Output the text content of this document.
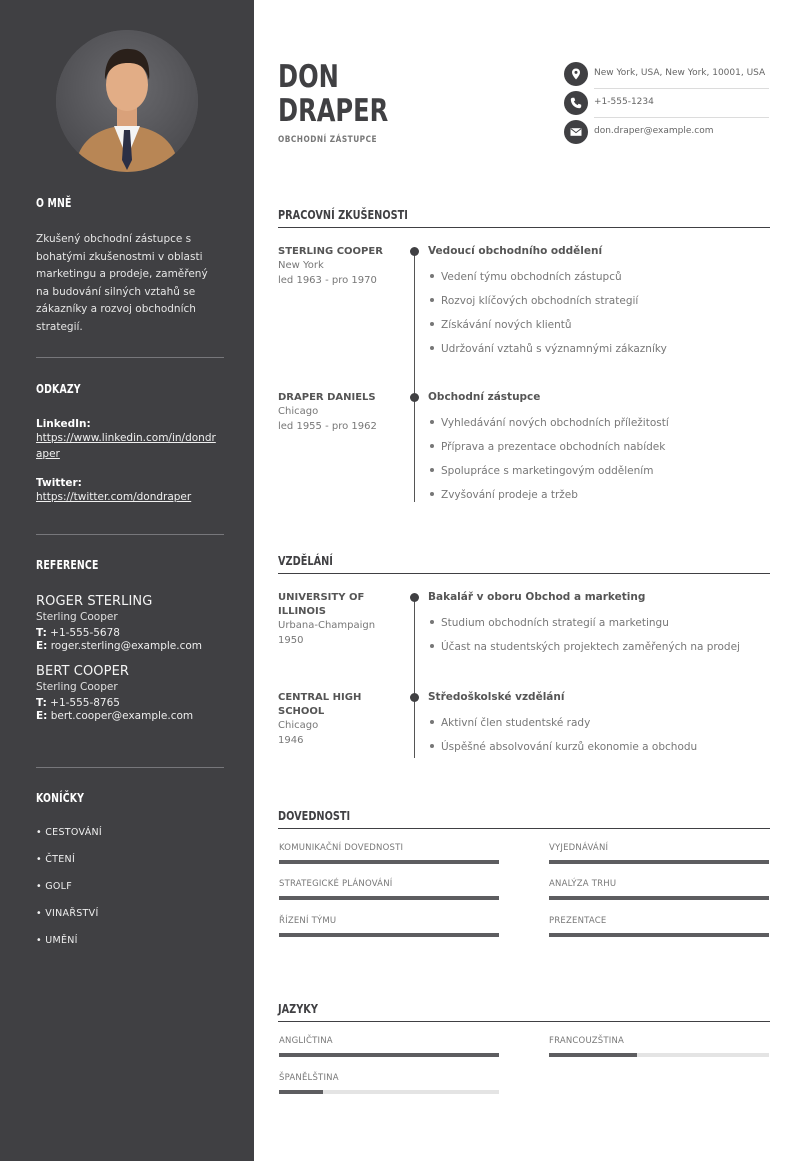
O MNĚ
Zkušený obchodní zástupce s bohatými zkušenostmi v oblasti marketingu a prodeje, zaměřený na budování silných vztahů se zákazníky a rozvoj obchodních strategií.
ODKAZY
LinkedIn:
https://www.linkedin.com/in/dondraper
Twitter:
https://twitter.com/dondraper
REFERENCE
ROGER STERLING
Sterling Cooper
T: +1-555-5678
E: roger.sterling@example.com
BERT COOPER
Sterling Cooper
T: +1-555-8765
E: bert.cooper@example.com
KONÍČKY
• CESTOVÁNÍ
• ČTENÍ
• GOLF
• VINAŘSTVÍ
• UMĚNÍ
DON
DRAPER
OBCHODNÍ ZÁSTUPCE
New York, USA, New York, 10001, USA
+1-555-1234
don.draper@example.com
PRACOVNÍ ZKUŠENOSTI
STERLING COOPER
New York
led 1963 - pro 1970
Vedoucí obchodního oddělení
Vedení týmu obchodních zástupců
Rozvoj klíčových obchodních strategií
Získávání nových klientů
Udržování vztahů s významnými zákazníky
DRAPER DANIELS
Chicago
led 1955 - pro 1962
Obchodní zástupce
Vyhledávání nových obchodních příležitostí
Příprava a prezentace obchodních nabídek
Spolupráce s marketingovým oddělením
Zvyšování prodeje a tržeb
VZDĚLÁNÍ
UNIVERSITY OF
ILLINOIS
Urbana-Champaign
1950
Bakalář v oboru Obchod a marketing
Studium obchodních strategií a marketingu
Účast na studentských projektech zaměřených na prodej
CENTRAL HIGH
SCHOOL
Chicago
1946
Středoškolské vzdělání
Aktivní člen studentské rady
Úspěšné absolvování kurzů ekonomie a obchodu
DOVEDNOSTI
KOMUNIKAČNÍ DOVEDNOSTI	VYJEDNÁVÁNÍ
STRATEGICKÉ PLÁNOVÁNÍ	ANALÝZA TRHU
ŘÍZENÍ TÝMU	PREZENTACE
JAZYKY
ANGLIČTINA	FRANCOUZŠTINA
ŠPANĚLŠTINA
